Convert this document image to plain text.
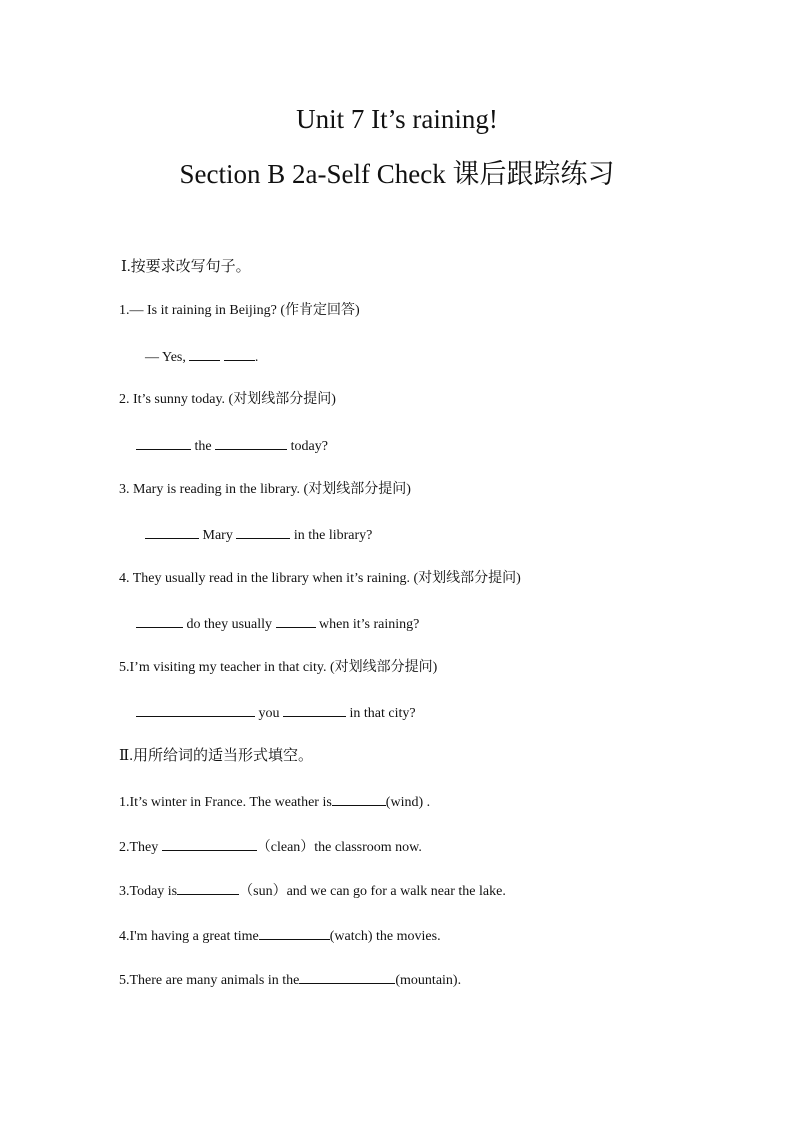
Unit 7 It’s raining!
Section B 2a-Self Check 课后跟踪练习
Ⅰ.按要求改写句子。
1.— Is it raining in Beijing? (作肯定回答)
— Yes,	.
2. It’s sunny today. (对划线部分提问)
the	today?
3. Mary is reading in the library. (对划线部分提问)
Mary	in the library?
4. They usually read in the library when it’s raining. (对划线部分提问)
do they usually	when it’s raining?
5.I’m visiting my teacher in that city. (对划线部分提问)
you	in that city?
Ⅱ.用所给词的适当形式填空。
1.It’s winter in France. The weather is	(wind) .
2.They	（clean）the classroom now.
3.Today is	（sun）and we can go for a walk near the lake.
4.I'm having a great time	(watch) the movies.
5.There are many animals in the	(mountain).
